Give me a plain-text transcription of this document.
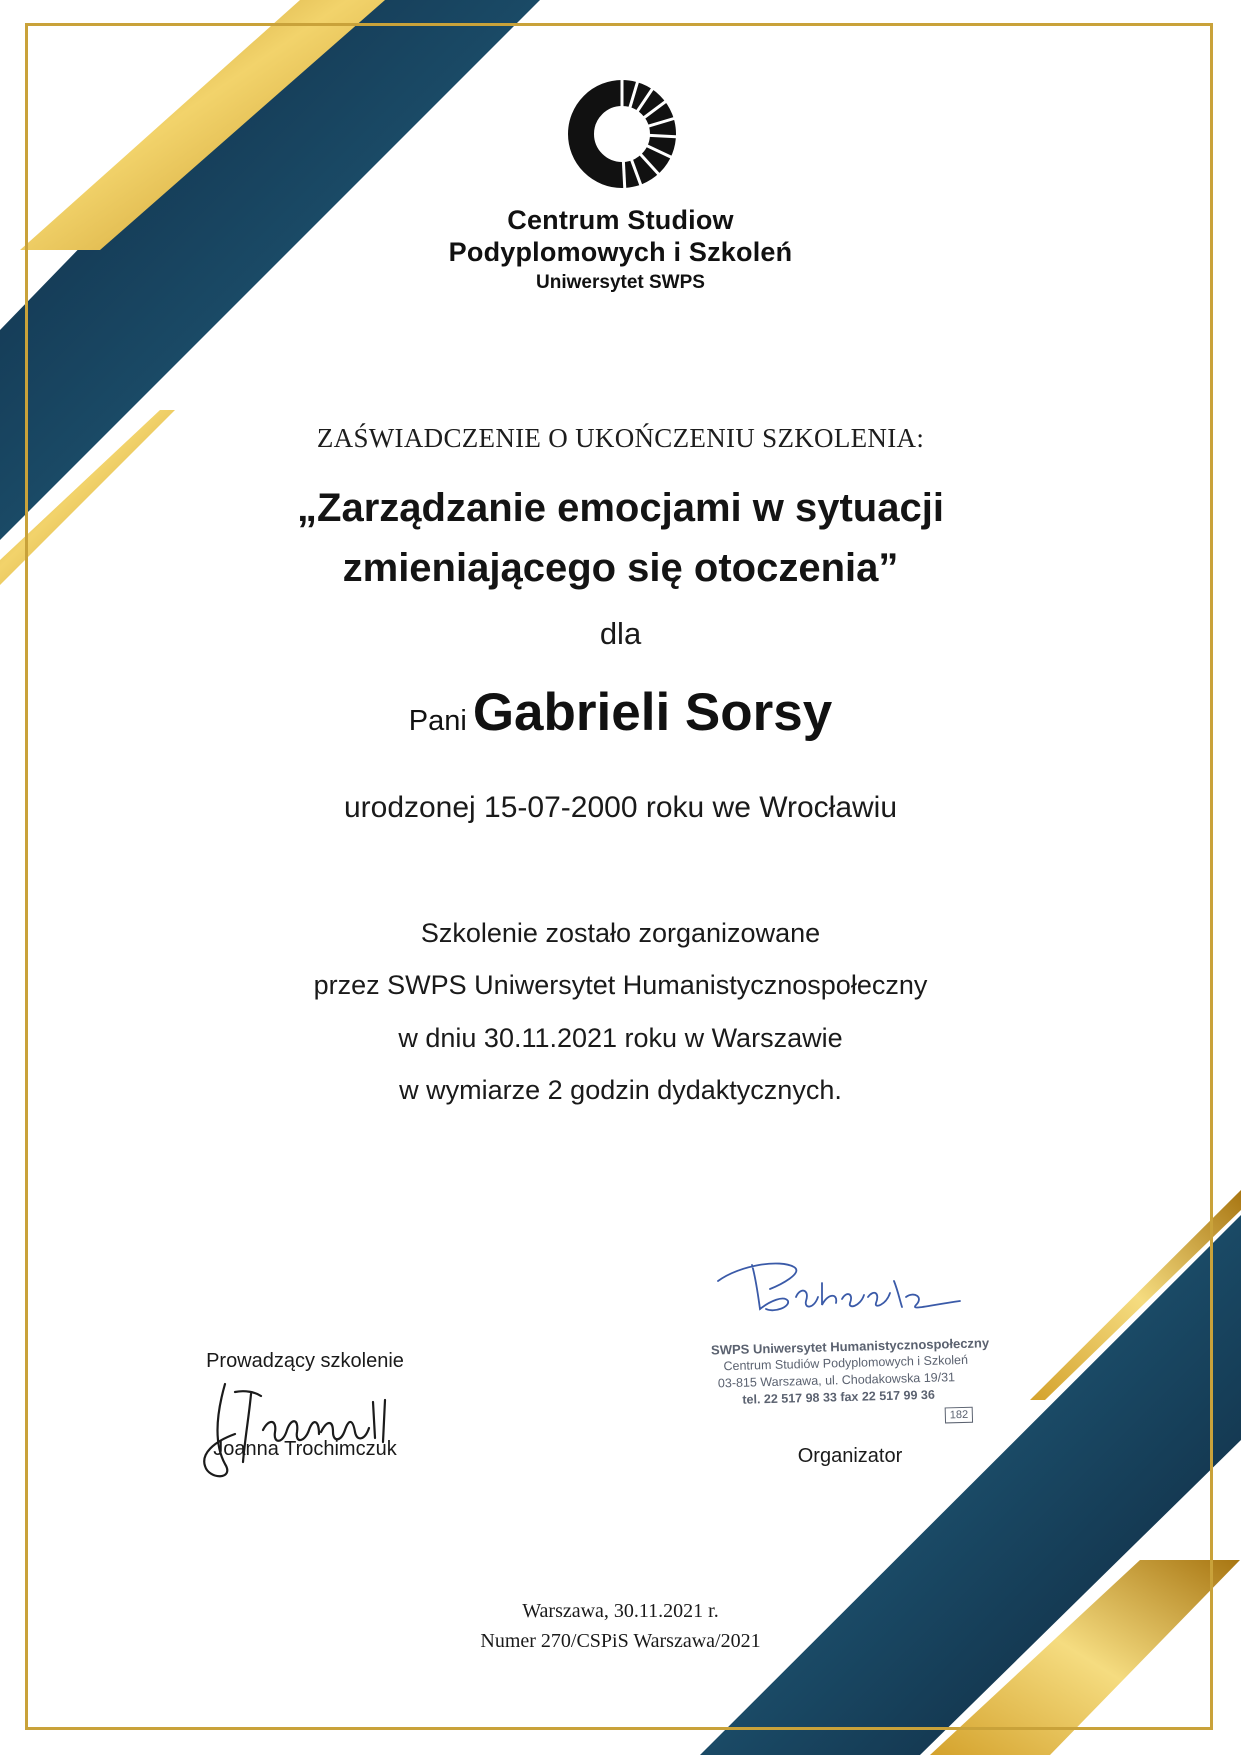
Centrum Studiow
Podyplomowych i Szkoleń
Uniwersytet SWPS
ZAŚWIADCZENIE O UKOŃCZENIU SZKOLENIA:
„Zarządzanie emocjami w sytuacji
zmieniającego się otoczenia”
dla
Pani Gabrieli Sorsy
urodzonej 15-07-2000 roku we Wrocławiu
Szkolenie zostało zorganizowane
przez SWPS Uniwersytet Humanistycznospołeczny
w dniu 30.11.2021 roku w Warszawie
w wymiarze 2 godzin dydaktycznych.
Prowadzący szkolenie
Joanna Trochimczuk
SWPS Uniwersytet Humanistycznospołeczny
Centrum Studiów Podyplomowych i Szkoleń
03-815 Warszawa, ul. Chodakowska 19/31
tel. 22 517 98 33 fax 22 517 99 36
182
Organizator
Warszawa, 30.11.2021 r.
Numer 270/CSPiS Warszawa/2021
